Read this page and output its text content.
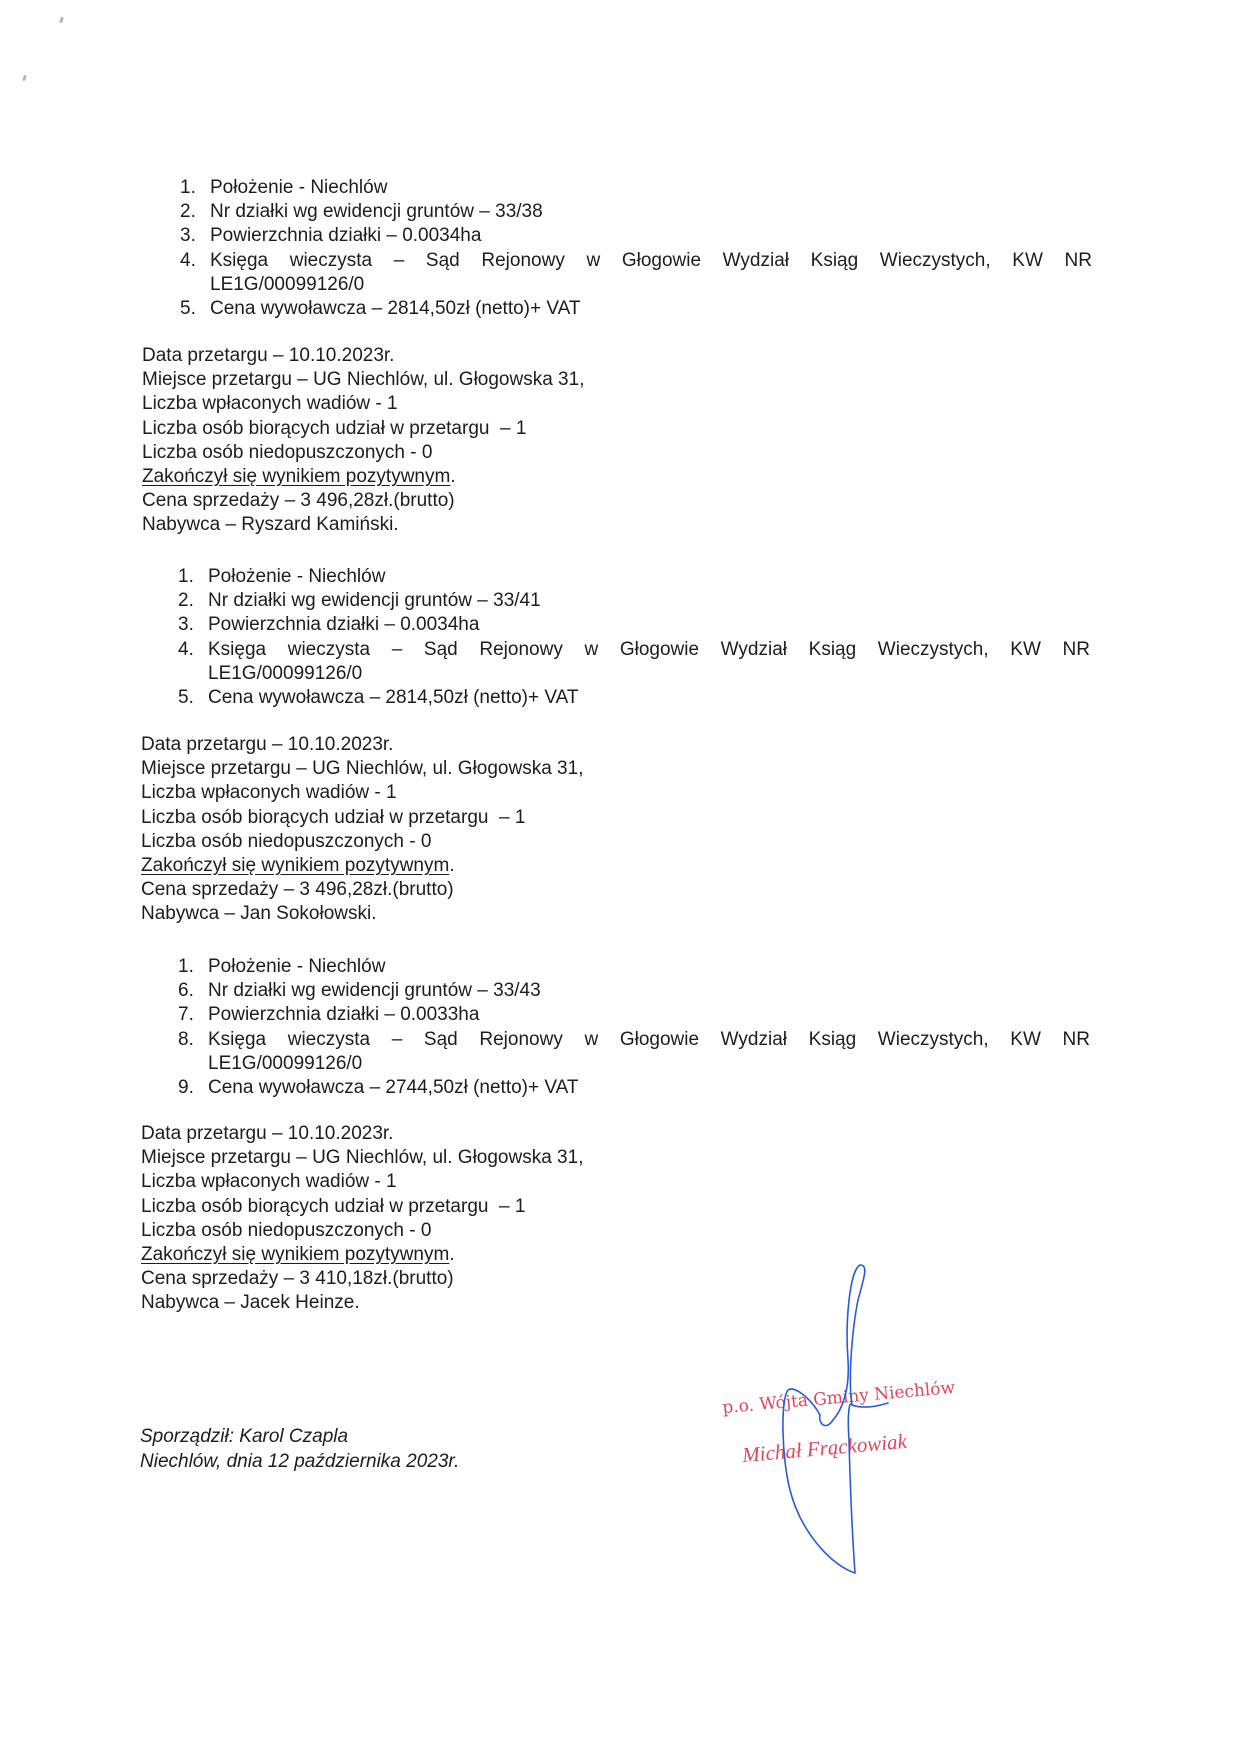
1. Położenie - Niechlów
2. Nr działki wg ewidencji gruntów – 33/38
3. Powierzchnia działki – 0.0034ha
4. Księga wieczysta – Sąd Rejonowy w Głogowie Wydział Ksiąg Wieczystych, KW NR
LE1G/00099126/0
5. Cena wywoławcza – 2814,50zł (netto)+ VAT

Data przetargu – 10.10.2023r.

Miejsce przetargu – UG Niechlów, ul. Głogowska 31,

Liczba wpłaconych wadiów - 1

Liczba osób biorących udział w przetargu  – 1

Liczba osób niedopuszczonych - 0

Zakończył się wynikiem pozytywnym.

Cena sprzedaży – 3 496,28zł.(brutto)

Nabywca – Ryszard Kamiński.

1. Położenie - Niechlów
2. Nr działki wg ewidencji gruntów – 33/41
3. Powierzchnia działki – 0.0034ha
4. Księga wieczysta – Sąd Rejonowy w Głogowie Wydział Ksiąg Wieczystych, KW NR
LE1G/00099126/0
5. Cena wywoławcza – 2814,50zł (netto)+ VAT

Data przetargu – 10.10.2023r.

Miejsce przetargu – UG Niechlów, ul. Głogowska 31,

Liczba wpłaconych wadiów - 1

Liczba osób biorących udział w przetargu  – 1

Liczba osób niedopuszczonych - 0

Zakończył się wynikiem pozytywnym.

Cena sprzedaży – 3 496,28zł.(brutto)

Nabywca – Jan Sokołowski.

1. Położenie - Niechlów
6. Nr działki wg ewidencji gruntów – 33/43
7. Powierzchnia działki – 0.0033ha
8. Księga wieczysta – Sąd Rejonowy w Głogowie Wydział Ksiąg Wieczystych, KW NR
LE1G/00099126/0
9. Cena wywoławcza – 2744,50zł (netto)+ VAT

Data przetargu – 10.10.2023r.

Miejsce przetargu – UG Niechlów, ul. Głogowska 31,

Liczba wpłaconych wadiów - 1

Liczba osób biorących udział w przetargu  – 1

Liczba osób niedopuszczonych - 0

Zakończył się wynikiem pozytywnym.

Cena sprzedaży – 3 410,18zł.(brutto)

Nabywca – Jacek Heinze.

Sporządził: Karol Czapla

Niechlów, dnia 12 października 2023r.

p.o. Wójta Gminy Niechlów
Michał Frąckowiak
